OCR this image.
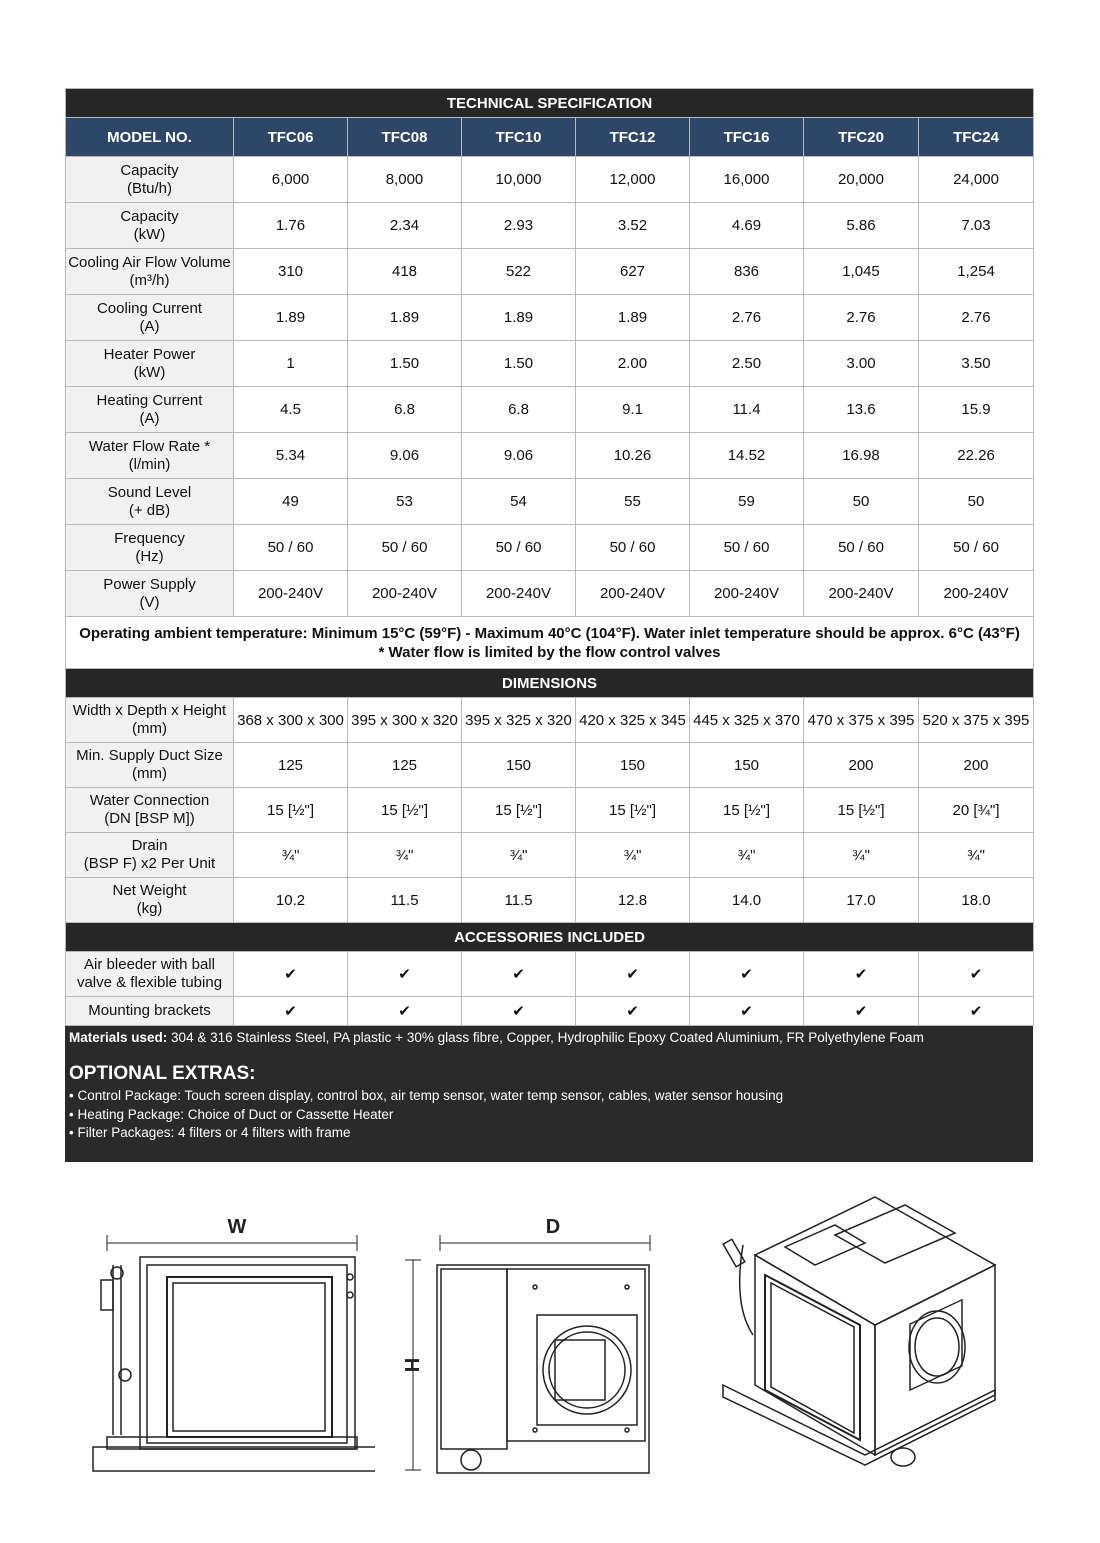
TECHNICAL SPECIFICATION							
MODEL NO.	TFC06	TFC08	TFC10	TFC12	TFC16	TFC20	TFC24

Capacity
(Btu/h)	6,000	8,000	10,000	12,000	16,000	20,000	24,000

Capacity
(kW)	1.76	2.34	2.93	3.52	4.69	5.86	7.03

Cooling Air Flow Volume
(m³/h)	310	418	522	627	836	1,045	1,254

Cooling Current
(A)	1.89	1.89	1.89	1.89	2.76	2.76	2.76

Heater Power
(kW)	1	1.50	1.50	2.00	2.50	3.00	3.50

Heating Current
(A)	4.5	6.8	6.8	9.1	11.4	13.6	15.9

Water Flow Rate *
(l/min)	5.34	9.06	9.06	10.26	14.52	16.98	22.26

Sound Level
(+ dB)	49	53	54	55	59	50	50

Frequency
(Hz)	50 / 60	50 / 60	50 / 60	50 / 60	50 / 60	50 / 60	50 / 60

Power Supply
(V)	200-240V	200-240V	200-240V	200-240V	200-240V	200-240V	200-240V

Operating ambient temperature: Minimum 15°C (59°F) - Maximum 40°C (104°F). Water inlet temperature should be approx. 6°C (43°F)
* Water flow is limited by the flow control valves							

DIMENSIONS							

Width x Depth x Height
(mm)	368 x 300 x 300	395 x 300 x 320	395 x 325 x 320	420 x 325 x 345	445 x 325 x 370	470 x 375 x 395	520 x 375 x 395

Min. Supply Duct Size
(mm)	125	125	150	150	150	200	200

Water Connection
(DN [BSP M])	15 [½"]	15 [½"]	15 [½"]	15 [½"]	15 [½"]	15 [½"]	20 [¾"]

Drain
(BSP F) x2 Per Unit	¾"	¾"	¾"	¾"	¾"	¾"	¾"

Net Weight
(kg)	10.2	11.5	11.5	12.8	14.0	17.0	18.0
ACCESSORIES INCLUDED							

Air bleeder with ball
valve & flexible tubing	✔	✔	✔	✔	✔	✔	✔

Mounting brackets	✔	✔	✔	✔	✔	✔	✔
Materials used: 304 & 316 Stainless Steel, PA plastic + 30% glass fibre, Copper, Hydrophilic Epoxy Coated Aluminium, FR Polyethylene Foam
OPTIONAL EXTRAS:
• Control Package: Touch screen display, control box, air temp sensor, water temp sensor, cables, water sensor housing
• Heating Package: Choice of Duct or Cassette Heater
• Filter Packages: 4 filters or 4 filters with frame
W	D
H
